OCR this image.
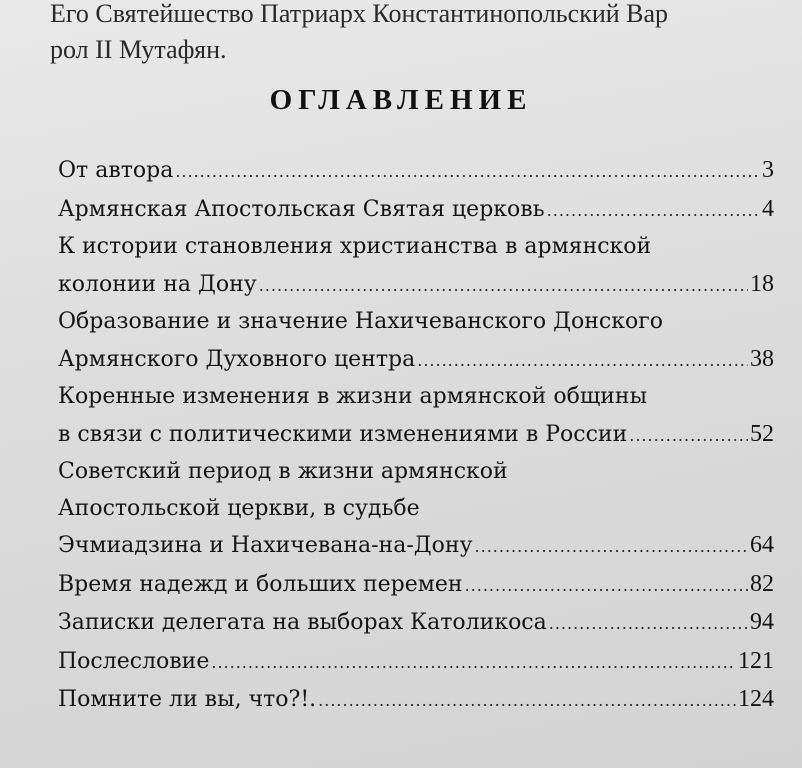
Его Святейшество Патриарх Константинопольский Вар
рол II Мутафян.
ОГЛАВЛЕНИЕ
От автора .....	3
Армянская Апостольская Святая церковь .....	4
К истории становления христианства в армянской
колонии на Дону .....	18
Образование и значение Нахичеванского Донского
Армянского Духовного центра .....	38
Коренные изменения в жизни армянской общины
в связи с политическими изменениями в России .....	52
Советский период в жизни армянской
Апостольской церкви, в судьбе
Эчмиадзина и Нахичевана-на-Дону .....	64
Время надежд и больших перемен .....	82
Записки делегата на выборах Католикоса .....	94
Послесловие .....	121
Помните ли вы, что?!. .....	124
